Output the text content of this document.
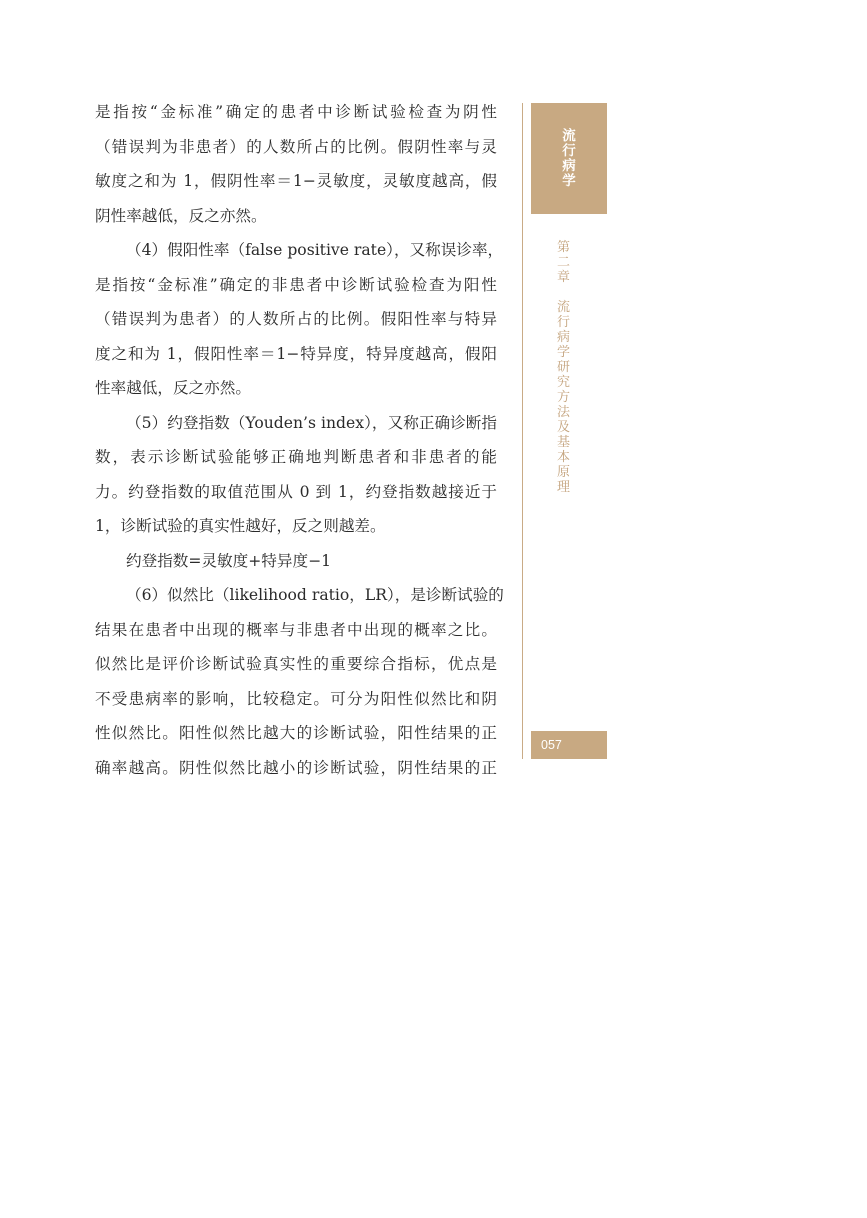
是指按“金标准”确定的患者中诊断试验检查为阴性
（错误判为非患者）的人数所占的比例。假阴性率与灵
敏度之和为 1，假阴性率＝1−灵敏度，灵敏度越高，假
阴性率越低，反之亦然。
（4）假阳性率（false positive rate），又称误诊率，
是指按“金标准”确定的非患者中诊断试验检查为阳性
（错误判为患者）的人数所占的比例。假阳性率与特异
度之和为 1，假阳性率＝1−特异度，特异度越高，假阳
性率越低，反之亦然。
（5）约登指数（Youden’s index），又称正确诊断指
数，表示诊断试验能够正确地判断患者和非患者的能
力。约登指数的取值范围从 0 到 1，约登指数越接近于
1，诊断试验的真实性越好，反之则越差。
约登指数=灵敏度+特异度−1
（6）似然比（likelihood ratio，LR），是诊断试验的
结果在患者中出现的概率与非患者中出现的概率之比。
似然比是评价诊断试验真实性的重要综合指标，优点是
不受患病率的影响，比较稳定。可分为阳性似然比和阴
性似然比。阳性似然比越大的诊断试验，阳性结果的正
确率越高。阴性似然比越小的诊断试验，阴性结果的正
流
行
病
学
第
二
章
流
行
病
学
研
究
方
法
及
基
本
原
理
057
